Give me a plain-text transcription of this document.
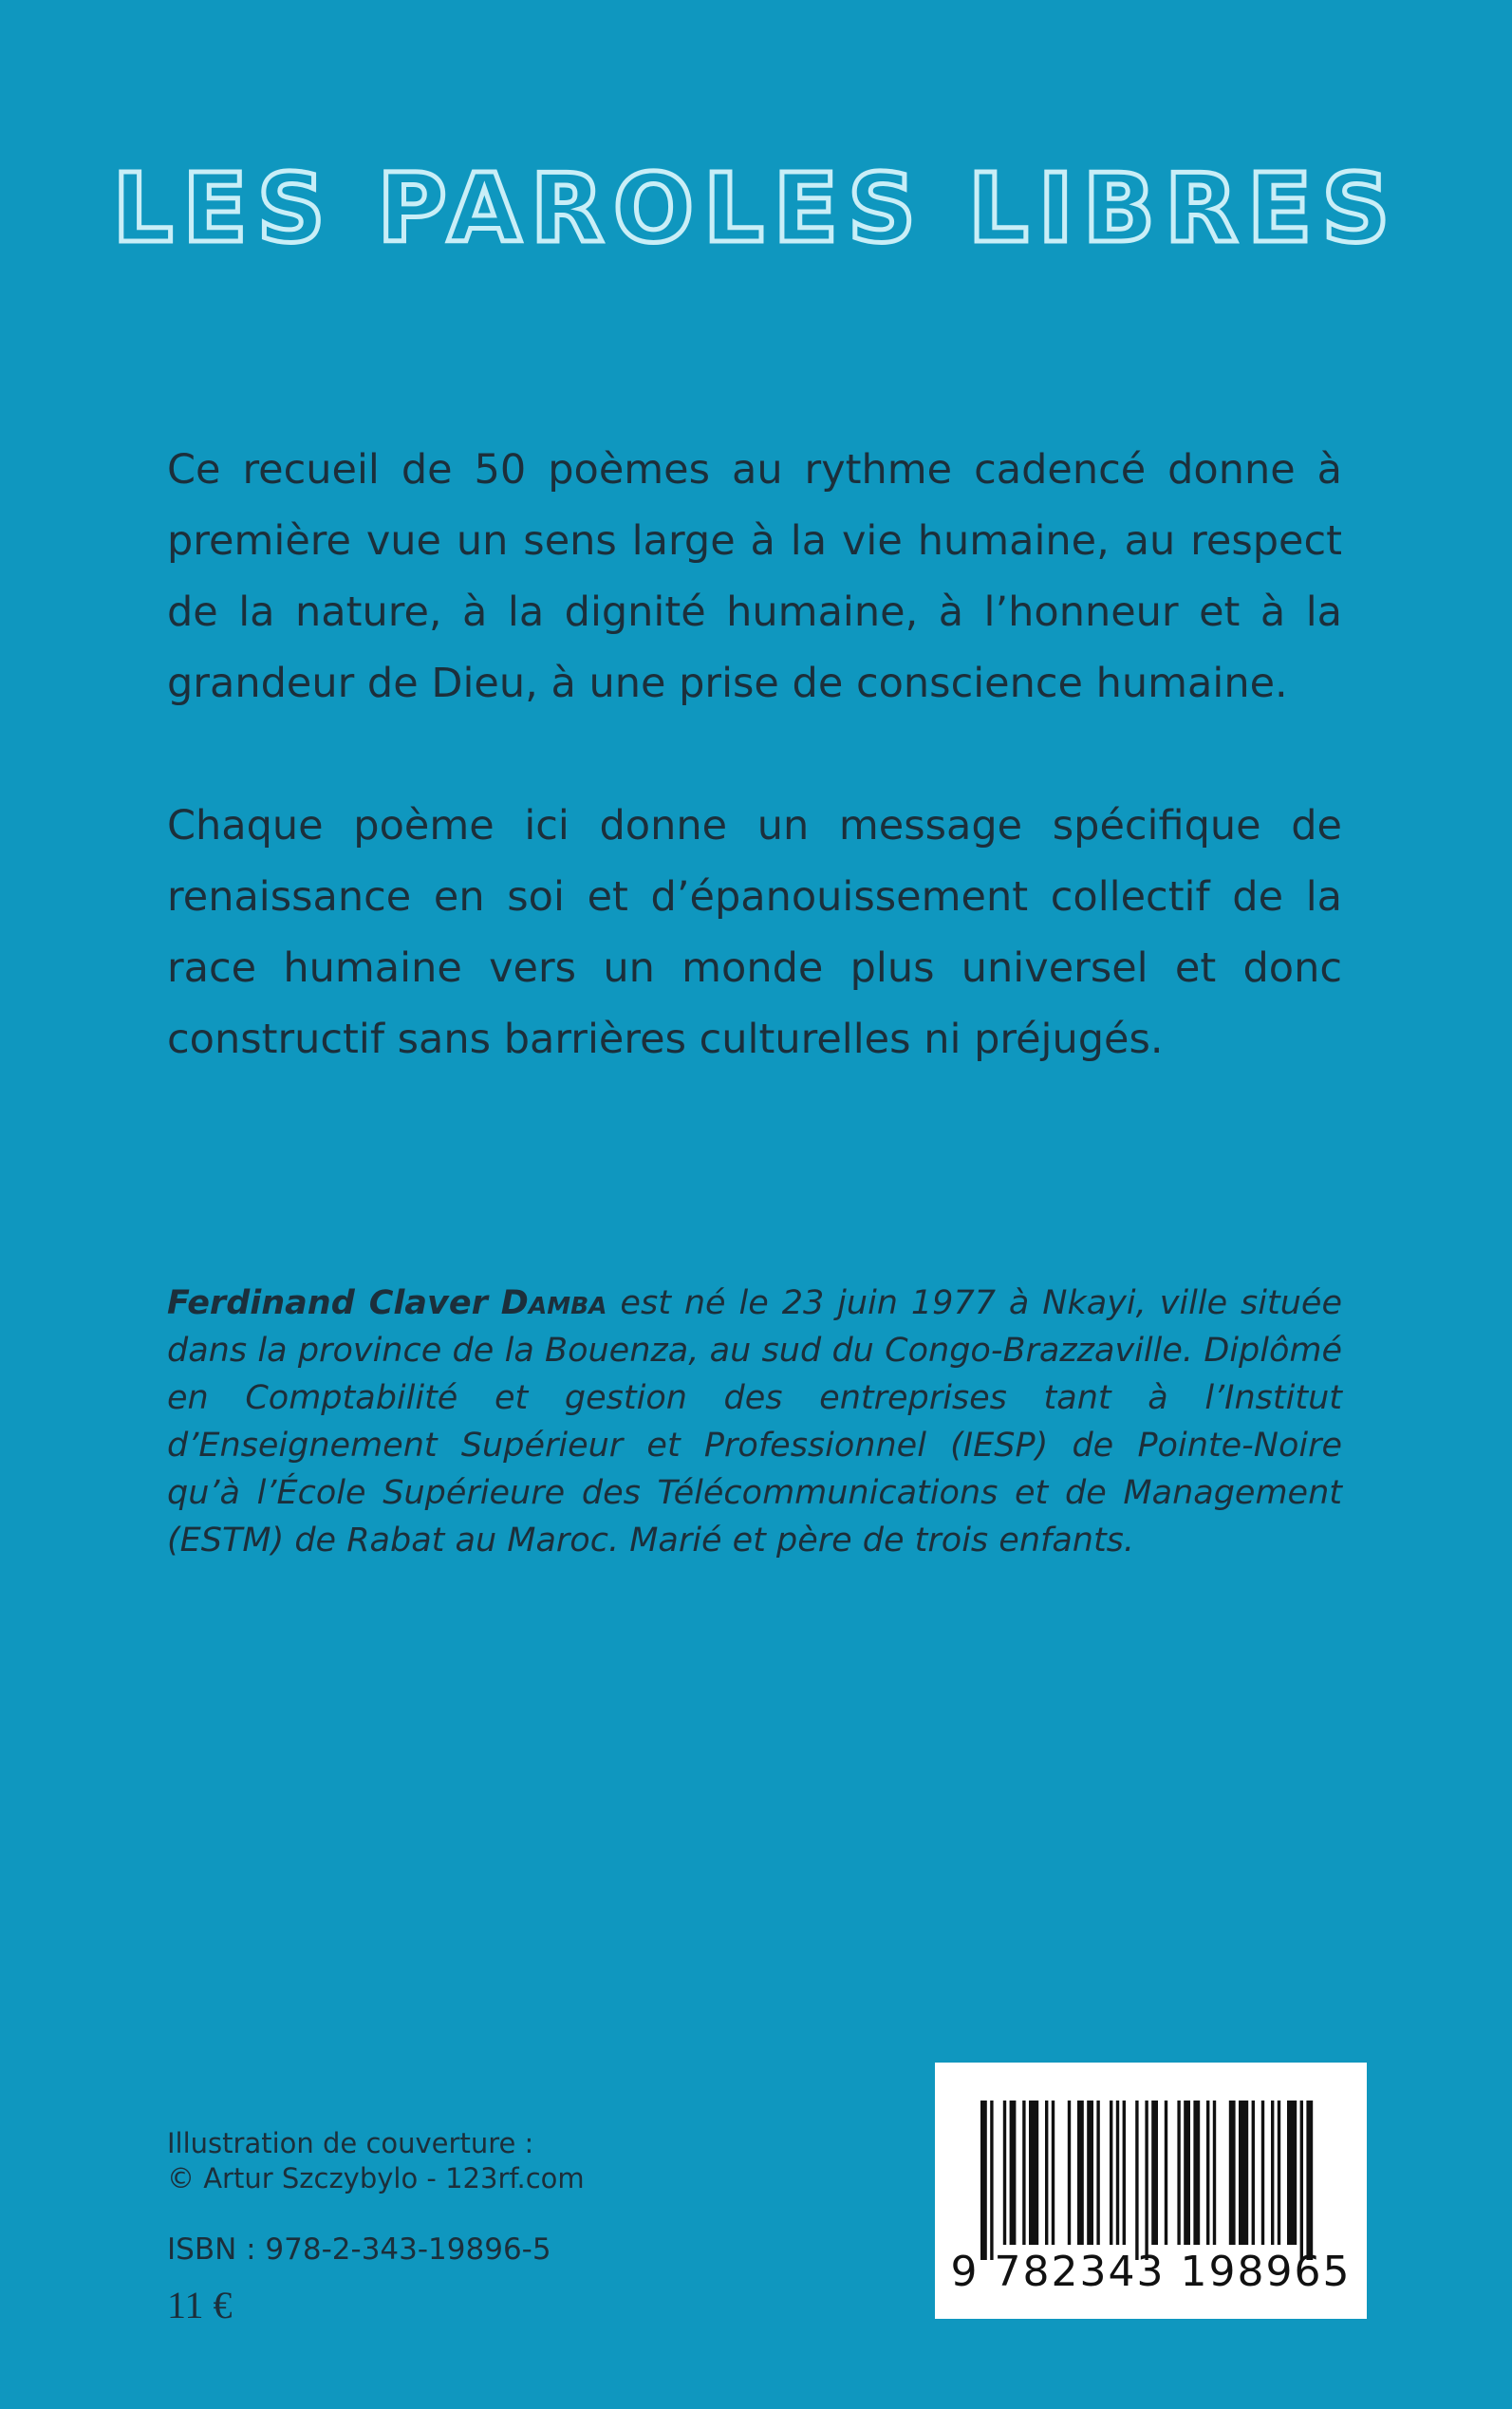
LES PAROLES LIBRES

Ce recueil de 50 poèmes au rythme cadencé donne à première vue un sens large à la vie humaine, au respect de la nature, à la dignité humaine, à l’honneur et à la grandeur de Dieu, à une prise de conscience humaine.

Chaque poème ici donne un message spécifique de renaissance en soi et d’épanouissement collectif de la race humaine vers un monde plus universel et donc constructif sans barrières culturelles ni préjugés.

Ferdinand Claver Damba est né le 23 juin 1977 à Nkayi, ville située dans la province de la Bouenza, au sud du Congo-Brazzaville. Diplômé en Comptabilité et gestion des entreprises tant à l’Institut d’Enseignement Supérieur et Professionnel (IESP) de Pointe-Noire qu’à l’École Supérieure des Télécommunications et de Management (ESTM) de Rabat au Maroc. Marié et père de trois enfants.

Illustration de couverture :
© Artur Szczybylo - 123rf.com
ISBN : 978-2-343-19896-5
11 €
9 782343 198965
